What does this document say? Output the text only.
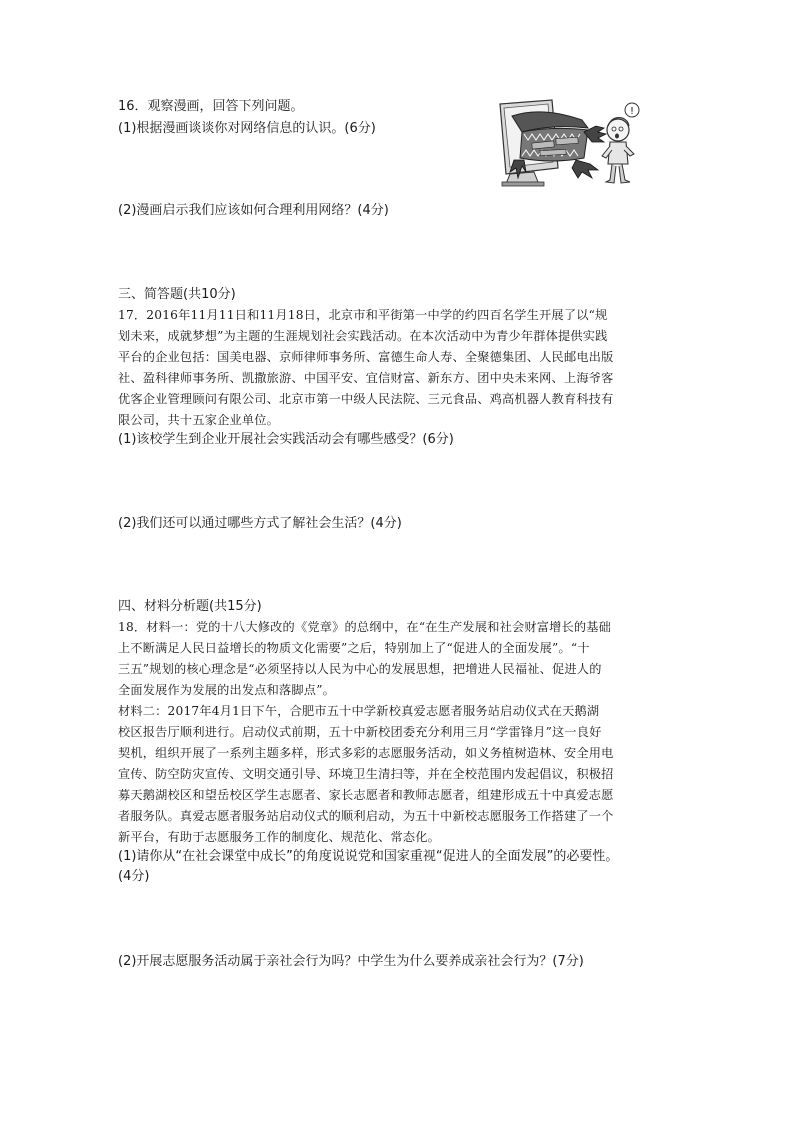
16．观察漫画，回答下列问题。
(1)根据漫画谈谈你对网络信息的认识。(6分)
!
(2)漫画启示我们应该如何合理利用网络？(4分)
三、简答题(共10分)
17．2016年11月11日和11月18日，北京市和平街第一中学的约四百名学生开展了以“规
划未来，成就梦想”为主题的生涯规划社会实践活动。在本次活动中为青少年群体提供实践
平台的企业包括：国美电器、京师律师事务所、富德生命人寿、全聚德集团、人民邮电出版
社、盈科律师事务所、凯撒旅游、中国平安、宜信财富、新东方、团中央未来网、上海爷客
优客企业管理顾问有限公司、北京市第一中级人民法院、三元食品、鸡高机器人教育科技有
限公司，共十五家企业单位。
(1)该校学生到企业开展社会实践活动会有哪些感受？(6分)
(2)我们还可以通过哪些方式了解社会生活？(4分)
四、材料分析题(共15分)
18．材料一：党的十八大修改的《党章》的总纲中，在“在生产发展和社会财富增长的基础
上不断满足人民日益增长的物质文化需要”之后，特别加上了“促进人的全面发展”。“十
三五”规划的核心理念是“必须坚持以人民为中心的发展思想，把增进人民福祉、促进人的
全面发展作为发展的出发点和落脚点”。
材料二：2017年4月1日下午，合肥市五十中学新校真爱志愿者服务站启动仪式在天鹅湖
校区报告厅顺利进行。启动仪式前期，五十中新校团委充分利用三月“学雷锋月”这一良好
契机，组织开展了一系列主题多样，形式多彩的志愿服务活动，如义务植树造林、安全用电
宣传、防空防灾宣传、文明交通引导、环境卫生清扫等，并在全校范围内发起倡议，积极招
募天鹅湖校区和望岳校区学生志愿者、家长志愿者和教师志愿者，组建形成五十中真爱志愿
者服务队。真爱志愿者服务站启动仪式的顺利启动，为五十中新校志愿服务工作搭建了一个
新平台，有助于志愿服务工作的制度化、规范化、常态化。
(1)请你从“在社会课堂中成长”的角度说说党和国家重视“促进人的全面发展”的必要性。
(4分)
(2)开展志愿服务活动属于亲社会行为吗？中学生为什么要养成亲社会行为？(7分)
